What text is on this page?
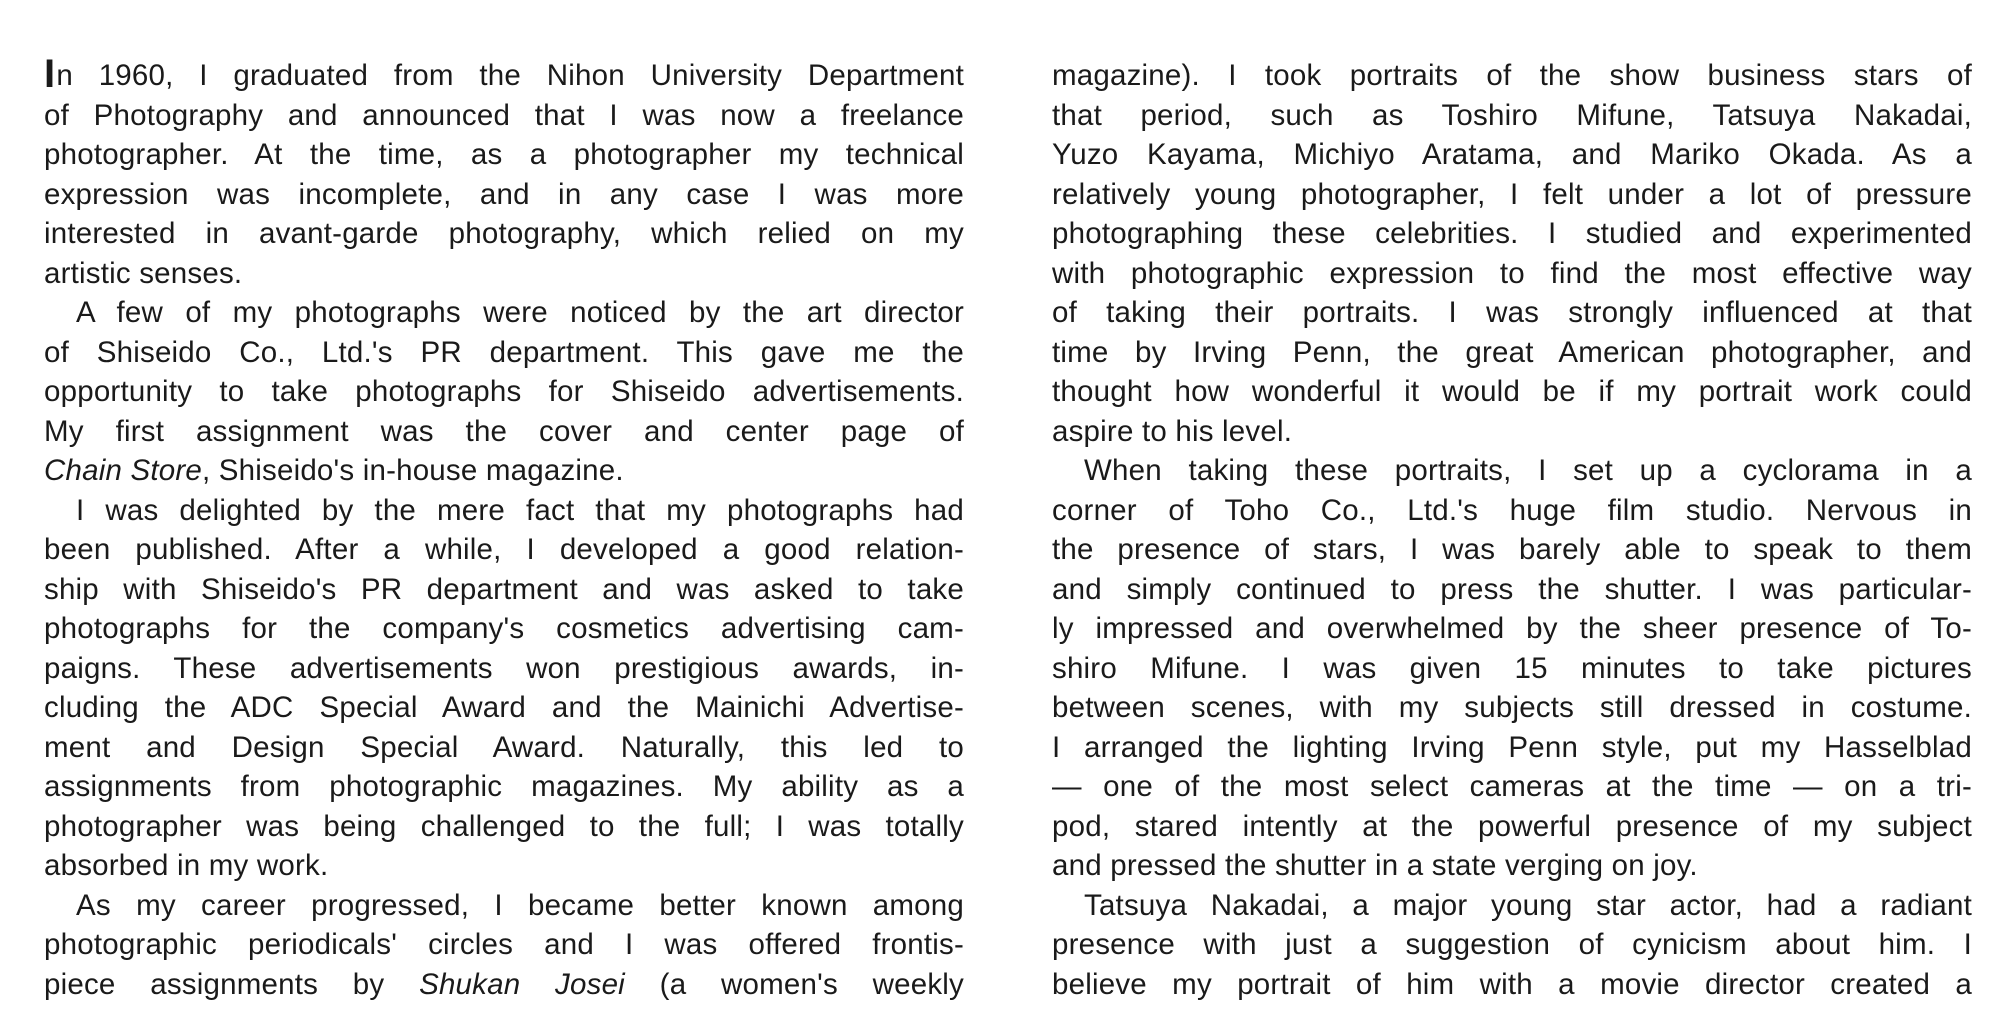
In 1960, I graduated from the Nihon University Department
of Photography and announced that I was now a freelance
photographer. At the time, as a photographer my technical
expression was incomplete, and in any case I was more
interested in avant-garde photography, which relied on my
artistic senses.
A few of my photographs were noticed by the art director
of Shiseido Co., Ltd.'s PR department. This gave me the
opportunity to take photographs for Shiseido advertisements.
My first assignment was the cover and center page of
Chain Store, Shiseido's in-house magazine.
I was delighted by the mere fact that my photographs had
been published. After a while, I developed a good relation-
ship with Shiseido's PR department and was asked to take
photographs for the company's cosmetics advertising cam-
paigns. These advertisements won prestigious awards, in-
cluding the ADC Special Award and the Mainichi Advertise-
ment and Design Special Award. Naturally, this led to
assignments from photographic magazines. My ability as a
photographer was being challenged to the full; I was totally
absorbed in my work.
As my career progressed, I became better known among
photographic periodicals' circles and I was offered frontis-
piece assignments by Shukan Josei (a women's weekly
magazine). I took portraits of the show business stars of
that period, such as Toshiro Mifune, Tatsuya Nakadai,
Yuzo Kayama, Michiyo Aratama, and Mariko Okada. As a
relatively young photographer, I felt under a lot of pressure
photographing these celebrities. I studied and experimented
with photographic expression to find the most effective way
of taking their portraits. I was strongly influenced at that
time by Irving Penn, the great American photographer, and
thought how wonderful it would be if my portrait work could
aspire to his level.
When taking these portraits, I set up a cyclorama in a
corner of Toho Co., Ltd.'s huge film studio. Nervous in
the presence of stars, I was barely able to speak to them
and simply continued to press the shutter. I was particular-
ly impressed and overwhelmed by the sheer presence of To-
shiro Mifune. I was given 15 minutes to take pictures
between scenes, with my subjects still dressed in costume.
I arranged the lighting Irving Penn style, put my Hasselblad
— one of the most select cameras at the time — on a tri-
pod, stared intently at the powerful presence of my subject
and pressed the shutter in a state verging on joy.
Tatsuya Nakadai, a major young star actor, had a radiant
presence with just a suggestion of cynicism about him. I
believe my portrait of him with a movie director created a
